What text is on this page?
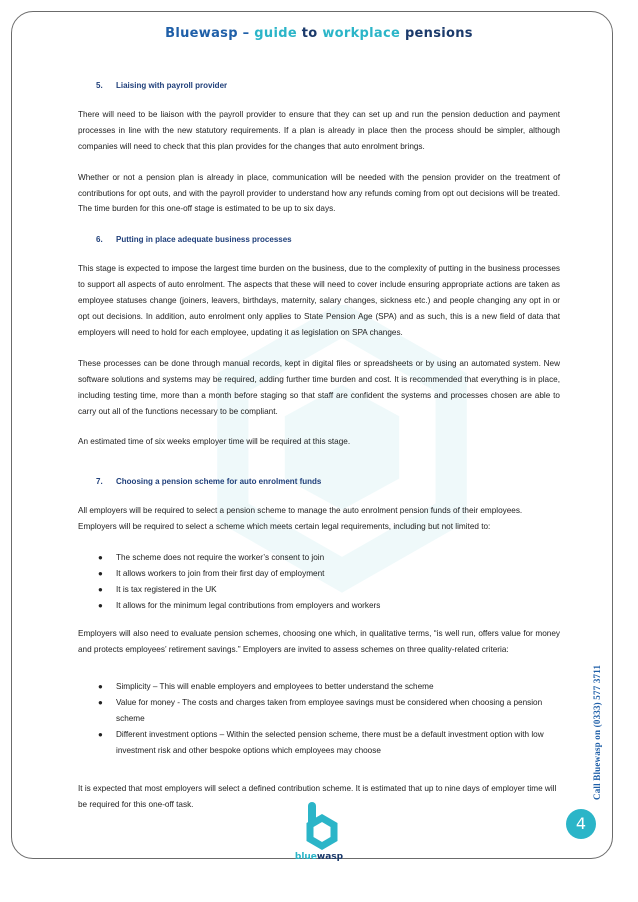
Bluewasp – guide to workplace pensions
5. Liaising with payroll provider

There will need to be liaison with the payroll provider to ensure that they can set up and run the pension deduction and payment processes in line with the new statutory requirements. If a plan is already in place then the process should be simpler, although companies will need to check that this plan provides for the changes that auto enrolment brings.

Whether or not a pension plan is already in place, communication will be needed with the pension provider on the treatment of contributions for opt outs, and with the payroll provider to understand how any refunds coming from opt out decisions will be treated. The time burden for this one-off stage is estimated to be up to six days.

6. Putting in place adequate business processes

This stage is expected to impose the largest time burden on the business, due to the complexity of putting in the business processes to support all aspects of auto enrolment. The aspects that these will need to cover include ensuring appropriate actions are taken as employee statuses change (joiners, leavers, birthdays, maternity, salary changes, sickness etc.) and people changing any opt in or opt out decisions. In addition, auto enrolment only applies to State Pension Age (SPA) and as such, this is a new field of data that employers will need to hold for each employee, updating it as legislation on SPA changes.

These processes can be done through manual records, kept in digital files or spreadsheets or by using an automated system. New software solutions and systems may be required, adding further time burden and cost. It is recommended that everything is in place, including testing time, more than a month before staging so that staff are confident the systems and processes chosen are able to carry out all of the functions necessary to be compliant.

An estimated time of six weeks employer time will be required at this stage.

7. Choosing a pension scheme for auto enrolment funds

All employers will be required to select a pension scheme to manage the auto enrolment pension funds of their employees. Employers will be required to select a scheme which meets certain legal requirements, including but not limited to:

● The scheme does not require the worker’s consent to join
● It allows workers to join from their first day of employment
● It is tax registered in the UK
● It allows for the minimum legal contributions from employers and workers

Employers will also need to evaluate pension schemes, choosing one which, in qualitative terms, “is well run, offers value for money and protects employees’ retirement savings.” Employers are invited to assess schemes on three quality-related criteria:

● Simplicity – This will enable employers and employees to better understand the scheme
● Value for money - The costs and charges taken from employee savings must be considered when choosing a pension scheme
● Different investment options – Within the selected pension scheme, there must be a default investment option with low investment risk and other bespoke options which employees may choose

It is expected that most employers will select a defined contribution scheme. It is estimated that up to nine days of employer time will be required for this one-off task.

Call Bluewasp on (0333) 577 3711
4
bluewasp
